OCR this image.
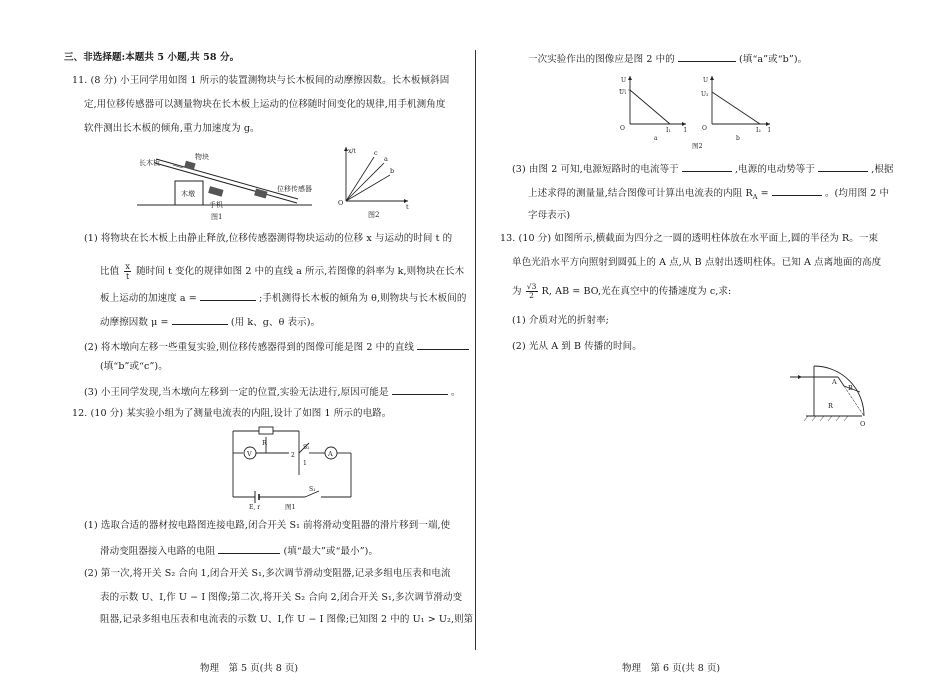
三、非选择题:本题共 5 小题,共 58 分。
11. (8 分) 小王同学用如图 1 所示的装置测物块与长木板间的动摩擦因数。长木板倾斜固
定,用位移传感器可以测量物块在长木板上运动的位移随时间变化的规律,用手机测角度
软件测出长木板的倾角,重力加速度为 g。
长木板
物块
木墩
手机
位移传感器
图1
x/t
O	t
c
a
b
图2
(1) 将物块在长木板上由静止释放,位移传感器测得物块运动的位移 x 与运动的时间 t 的
比值 $\frac{x}{t}$ 随时间 t 变化的规律如图 2 中的直线 a 所示,若图像的斜率为 k,则物块在长木
板上运动的加速度 a =	;手机测得长木板的倾角为 θ,则物块与长木板间的
动摩擦因数 μ =	(用 k、g、θ 表示)。
(2) 将木墩向左移一些重复实验,则位移传感器得到的图像可能是图 2 中的直线
(填“b”或“c”)。
(3) 小王同学发现,当木墩向左移到一定的位置,实验无法进行,原因可能是	。
12. (10 分) 某实验小组为了测量电流表的内阻,设计了如图 1 所示的电路。
R
V	A
S₂
2
1
S₁
E, r	图1
(1) 选取合适的器材按电路图连接电路,闭合开关 S₁ 前将滑动变阻器的滑片移到一端,使
滑动变阻器接入电路的电阻	(填“最大”或“最小”)。
(2) 第一次,将开关 S₂ 合向 1,闭合开关 S₁,多次调节滑动变阻器,记录多组电压表和电流
表的示数 U、I,作 U − I 图像;第二次,将开关 S₂ 合向 2,闭合开关 S₁,多次调节滑动变
阻器,记录多组电压表和电流表的示数 U、I,作 U − I 图像;已知图 2 中的 U₁ > U₂,则第
物理　第 5 页(共 8 页)
一次实验作出的图像应是图 2 中的	(填“a”或“b”)。
U
U₁
O	I₁ I
a
U
U₂
O	I₂ I
b
图2
(3) 由图 2 可知,电源短路时的电流等于	,电源的电动势等于	,根据
上述求得的测量量,结合图像可计算出电流表的内阻 $R_A$ =	。(均用图 2 中
字母表示)
13. (10 分) 如图所示,横截面为四分之一圆的透明柱体放在水平面上,圆的半径为 R。一束
单色光沿水平方向照射到圆弧上的 A 点,从 B 点射出透明柱体。已知 A 点离地面的高度
为 $\frac{√3}{2} R$, AB = BO,光在真空中的传播速度为 c,求:
(1) 介质对光的折射率;
(2) 光从 A 到 B 传播的时间。
A
B
R
O
物理　第 6 页(共 8 页)
